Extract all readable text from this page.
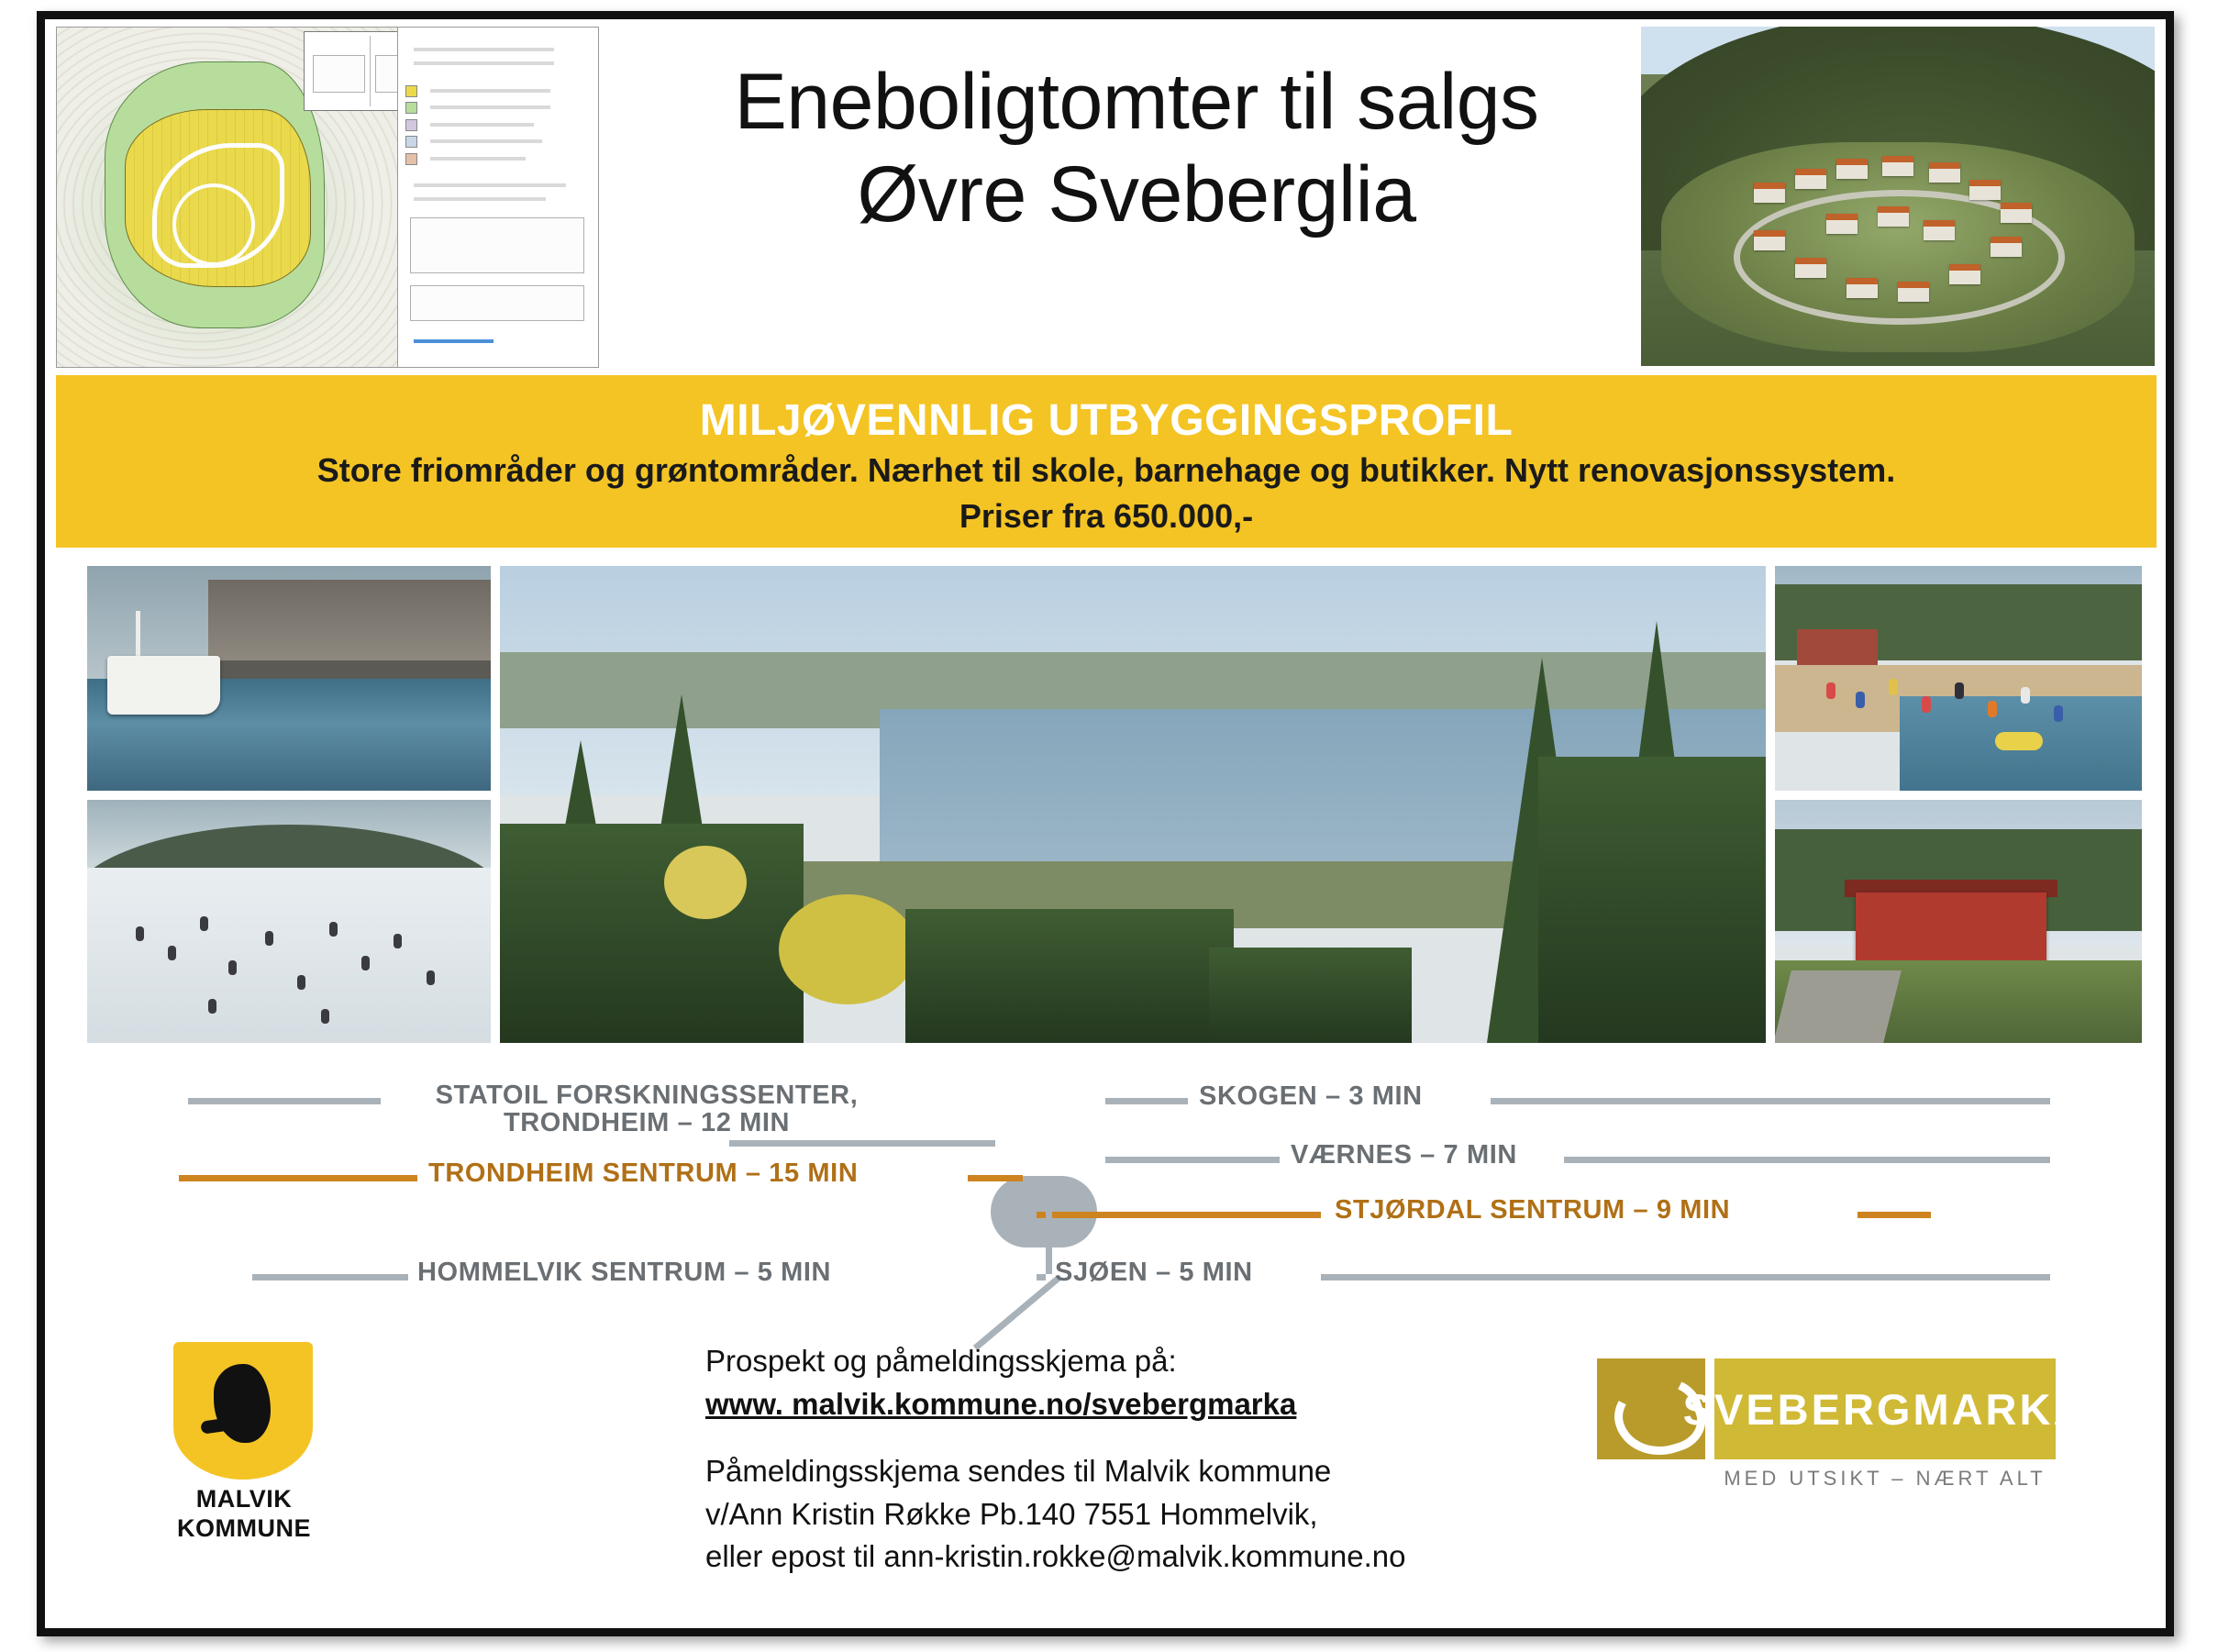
Eneboligtomter til salgs
Øvre Sveberglia
MILJØVENNLIG UTBYGGINGSPROFIL
Store friområder og grøntområder. Nærhet til skole, barnehage og butikker. Nytt renovasjonssystem.
Priser fra 650.000,-
STATOIL FORSKNINGSSENTER,
TRONDHEIM – 12 MIN
TRONDHEIM SENTRUM – 15 MIN
HOMMELVIK SENTRUM – 5 MIN
SKOGEN – 3 MIN
VÆRNES – 7 MIN
STJØRDAL SENTRUM – 9 MIN
SJØEN – 5 MIN
MALVIK
KOMMUNE
Prospekt og påmeldingsskjema på:
www. malvik.kommune.no/svebergmarka
Påmeldingsskjema sendes til Malvik kommune
v/Ann Kristin Røkke Pb.140 7551 Hommelvik,
eller epost til ann-kristin.rokke@malvik.kommune.no
SVEBERGMARKA
MED UTSIKT – NÆRT ALT
